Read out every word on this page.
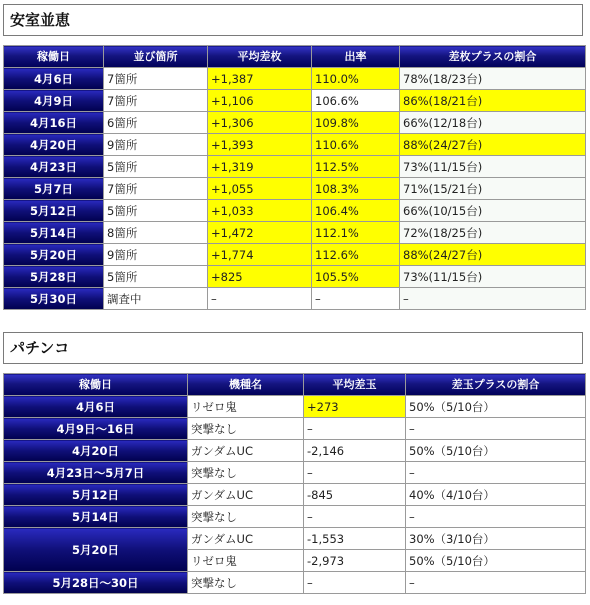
安室並恵
稼働日	並び箇所	平均差枚	出率	差枚プラスの割合
4月6日	7箇所	+1,387	110.0%	78%(18/23台)
4月9日	7箇所	+1,106	106.6%	86%(18/21台)
4月16日	6箇所	+1,306	109.8%	66%(12/18台)
4月20日	9箇所	+1,393	110.6%	88%(24/27台)
4月23日	5箇所	+1,319	112.5%	73%(11/15台)
5月7日	7箇所	+1,055	108.3%	71%(15/21台)
5月12日	5箇所	+1,033	106.4%	66%(10/15台)
5月14日	8箇所	+1,472	112.1%	72%(18/25台)
5月20日	9箇所	+1,774	112.6%	88%(24/27台)
5月28日	5箇所	+825	105.5%	73%(11/15台)
5月30日	調査中	–	–	–
パチンコ
稼働日	機種名	平均差玉	差玉プラスの割合
4月6日	リゼロ鬼	+273	50%（5/10台）
4月9日〜16日	突撃なし	–	–
4月20日	ガンダムUC	-2,146	50%（5/10台）
4月23日〜5月7日	突撃なし	–	–
5月12日	ガンダムUC	-845	40%（4/10台）
5月14日	突撃なし	–	–
5月20日	ガンダムUC	-1,553	30%（3/10台）
	リゼロ鬼	-2,973	50%（5/10台）
5月28日〜30日	突撃なし	–	–
